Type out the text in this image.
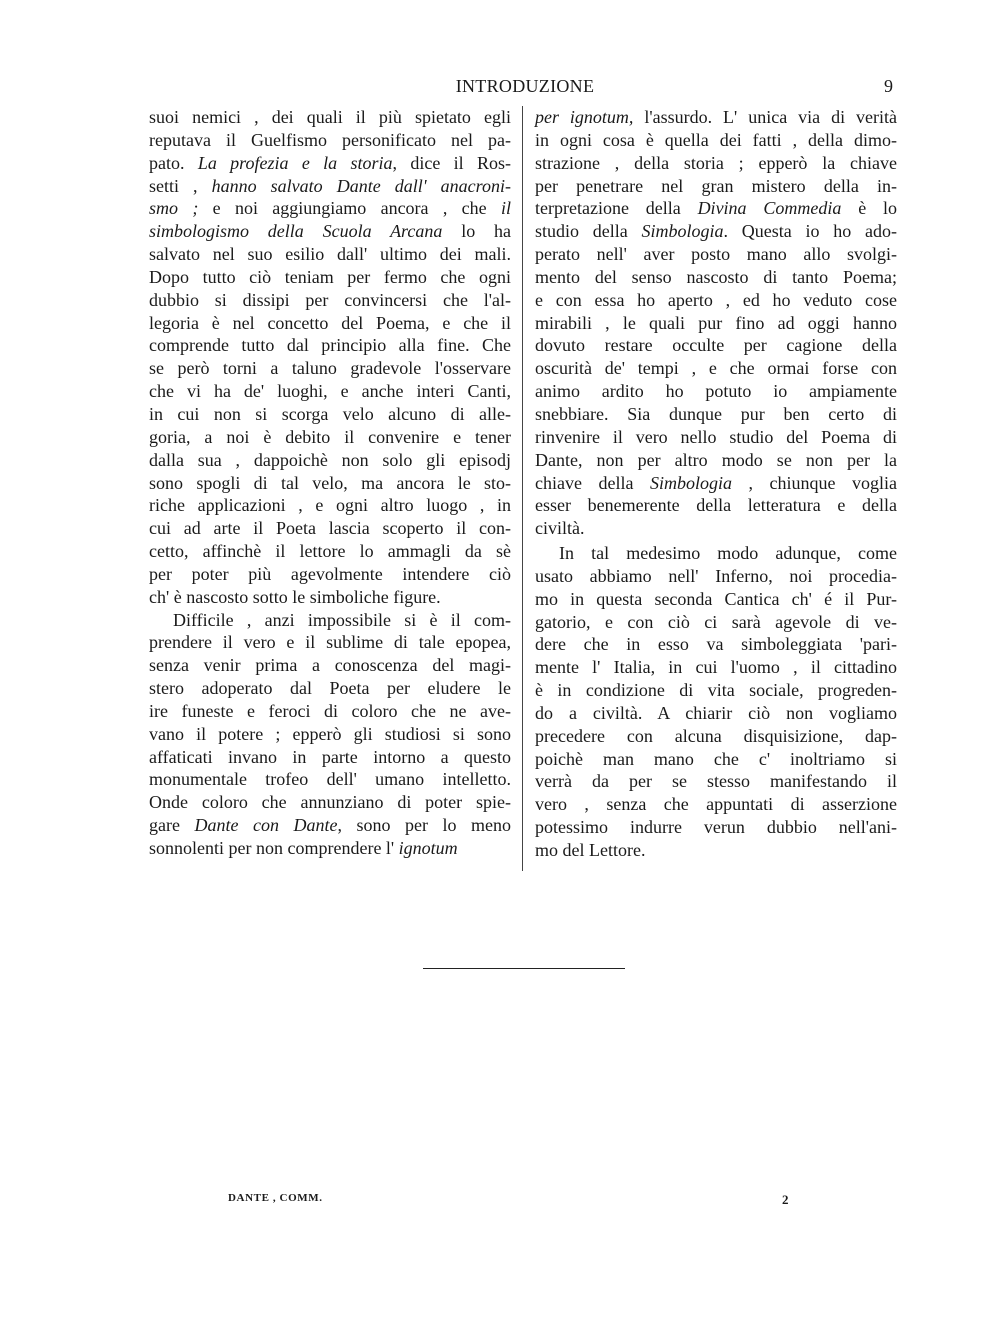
INTRODUZIONE	9
suoi nemici , dei quali il più spietato egli
reputava il Guelfismo personificato nel pa-
pato. La profezia e la storia, dice il Ros-
setti , hanno salvato Dante dall' anacroni-
smo ; e noi aggiungiamo ancora , che il
simbologismo della Scuola Arcana lo ha
salvato nel suo esilio dall' ultimo dei mali.
Dopo tutto ciò teniam per fermo che ogni
dubbio si dissipi per convincersi che l'al-
legoria è nel concetto del Poema, e che il
comprende tutto dal principio alla fine. Che
se però torni a taluno gradevole l'osservare
che vi ha de' luoghi, e anche interi Canti,
in cui non si scorga velo alcuno di alle-
goria, a noi è debito il convenire e tener
dalla sua , dappoichè non solo gli episodj
sono spogli di tal velo, ma ancora le sto-
riche applicazioni , e ogni altro luogo , in
cui ad arte il Poeta lascia scoperto il con-
cetto, affinchè il lettore lo ammagli da sè
per poter più agevolmente intendere ciò
ch' è nascosto sotto le simboliche figure.
Difficile , anzi impossibile si è il com-
prendere il vero e il sublime di tale epopea,
senza venir prima a conoscenza del magi-
stero adoperato dal Poeta per eludere le
ire funeste e feroci di coloro che ne ave-
vano il potere ; epperò gli studiosi si sono
affaticati invano in parte intorno a questo
monumentale trofeo dell' umano intelletto.
Onde coloro che annunziano di poter spie-
gare Dante con Dante, sono per lo meno
sonnolenti per non comprendere l' ignotum
per ignotum, l'assurdo. L' unica via di verità
in ogni cosa è quella dei fatti , della dimo-
strazione , della storia ; epperò la chiave
per penetrare nel gran mistero della in-
terpretazione della Divina Commedia è lo
studio della Simbologia. Questa io ho ado-
perato nell' aver posto mano allo svolgi-
mento del senso nascosto di tanto Poema;
e con essa ho aperto , ed ho veduto cose
mirabili , le quali pur fino ad oggi hanno
dovuto restare occulte per cagione della
oscurità de' tempi , e che ormai forse con
animo ardito ho potuto io ampiamente
snebbiare. Sia dunque pur ben certo di
rinvenire il vero nello studio del Poema di
Dante, non per altro modo se non per la
chiave della Simbologia , chiunque voglia
esser benemerente della letteratura e della
civiltà.
In tal medesimo modo adunque, come
usato abbiamo nell' Inferno, noi procedia-
mo in questa seconda Cantica ch' é il Pur-
gatorio, e con ciò ci sarà agevole di ve-
dere che in esso va simboleggiata 'pari-
mente l' Italia, in cui l'uomo , il cittadino
è in condizione di vita sociale, progreden-
do a civiltà. A chiarir ciò non vogliamo
precedere con alcuna disquisizione, dap-
poichè man mano che c' inoltriamo si
verrà da per se stesso manifestando il
vero , senza che appuntati di asserzione
potessimo indurre verun dubbio nell'ani-
mo del Lettore.
DANTE , COMM.	2
